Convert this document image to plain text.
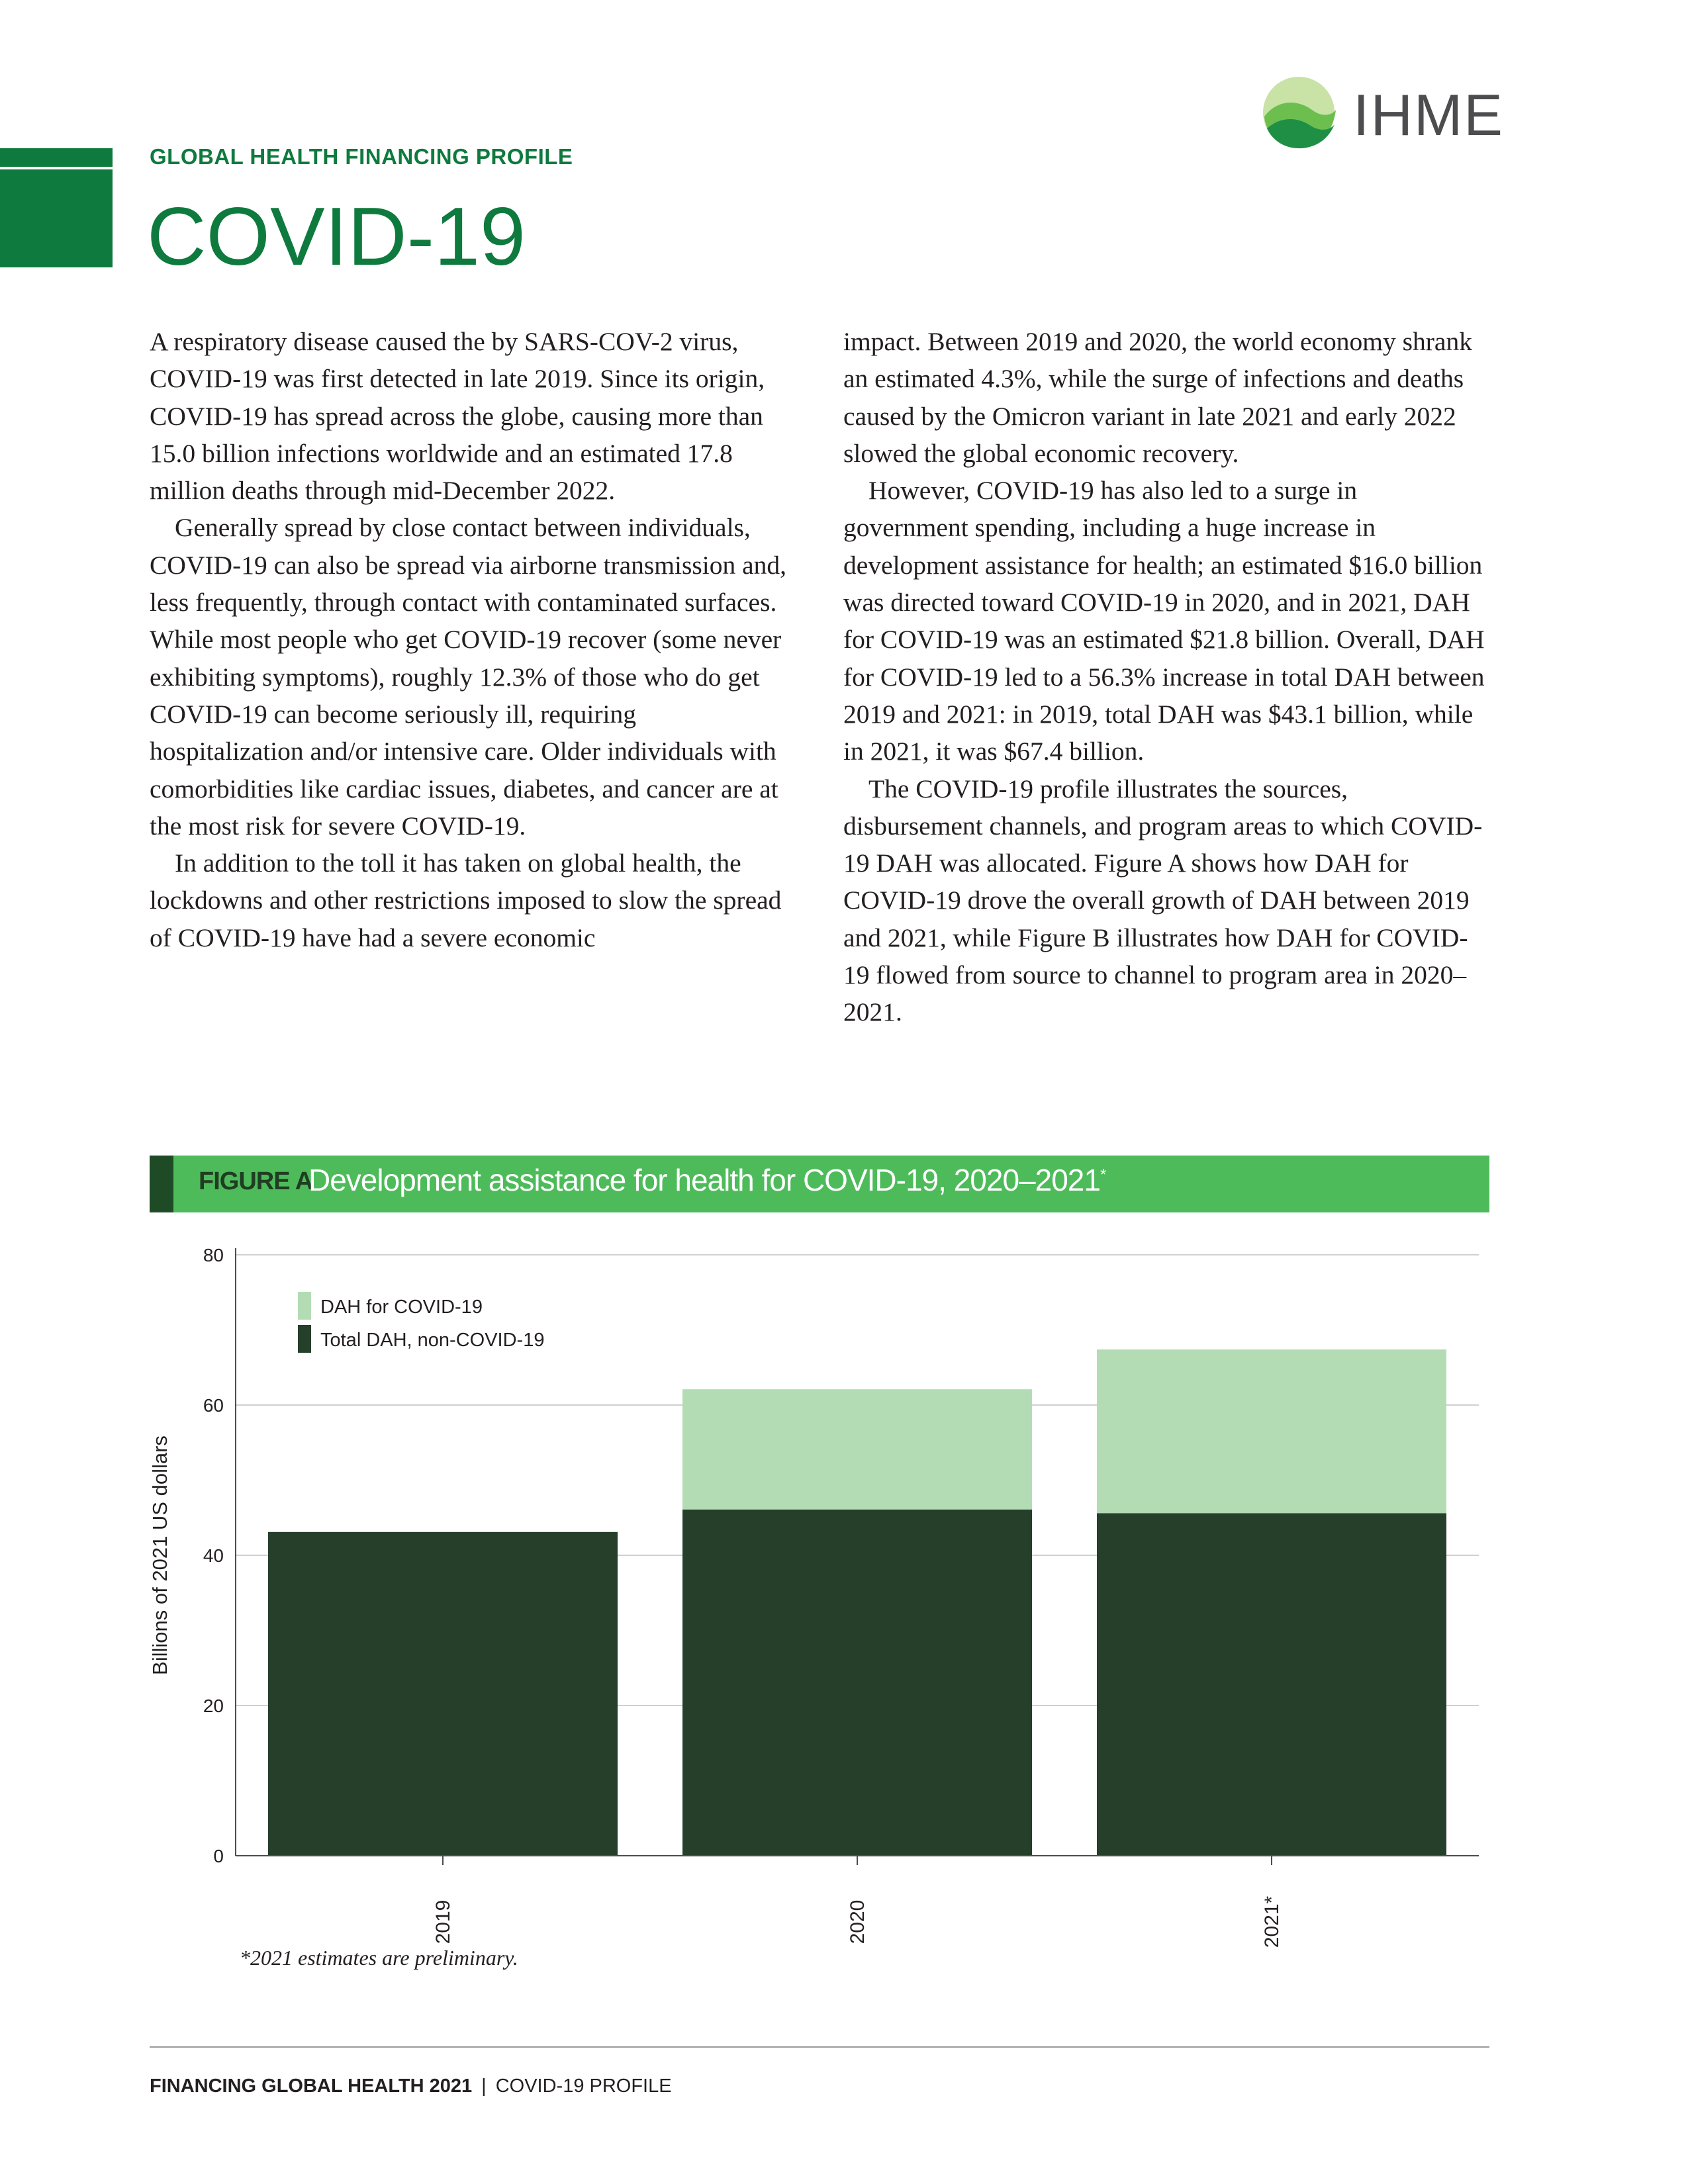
GLOBAL HEALTH FINANCING PROFILE
COVID-19
IHME

A respiratory disease caused the by SARS-COV-2 virus, COVID-19 was first detected in late 2019. Since its origin, COVID-19 has spread across the globe, causing more than 15.0 billion infections worldwide and an estimated 17.8 million deaths through mid-December 2022.

Generally spread by close contact between individuals, COVID-19 can also be spread via airborne transmission and, less frequently, through contact with contaminated surfaces. While most people who get COVID-19 recover (some never exhibiting symptoms), roughly 12.3% of those who do get COVID-19 can become seriously ill, requiring hospitalization and/or intensive care. Older individuals with comorbidities like cardiac issues, diabetes, and cancer are at the most risk for severe COVID-19.

In addition to the toll it has taken on global health, the lockdowns and other restrictions imposed to slow the spread of COVID-19 have had a severe economic

impact. Between 2019 and 2020, the world economy shrank an estimated 4.3%, while the surge of infections and deaths caused by the Omicron variant in late 2021 and early 2022 slowed the global economic recovery.

However, COVID-19 has also led to a surge in government spending, including a huge increase in development assistance for health; an estimated $16.0 billion was directed toward COVID-19 in 2020, and in 2021, DAH for COVID-19 was an estimated $21.8 billion. Overall, DAH for COVID-19 led to a 56.3% increase in total DAH between 2019 and 2021: in 2019, total DAH was $43.1 billion, while in 2021, it was $67.4 billion.

The COVID-19 profile illustrates the sources, disbursement channels, and program areas to which COVID-19 DAH was allocated. Figure A shows how DAH for COVID-19 drove the overall growth of DAH between 2019 and 2021, while Figure B illustrates how DAH for COVID-19 flowed from source to channel to program area in 2020–2021.

FIGURE A
Development assistance for health for COVID-19, 2020–2021*
0
20
40
60
80
2019	2020	2021*
Billions of 2021 US dollars
DAH for COVID-19
Total DAH, non-COVID-19
*2021 estimates are preliminary.
FINANCING GLOBAL HEALTH 2021 | COVID-19 PROFILE
